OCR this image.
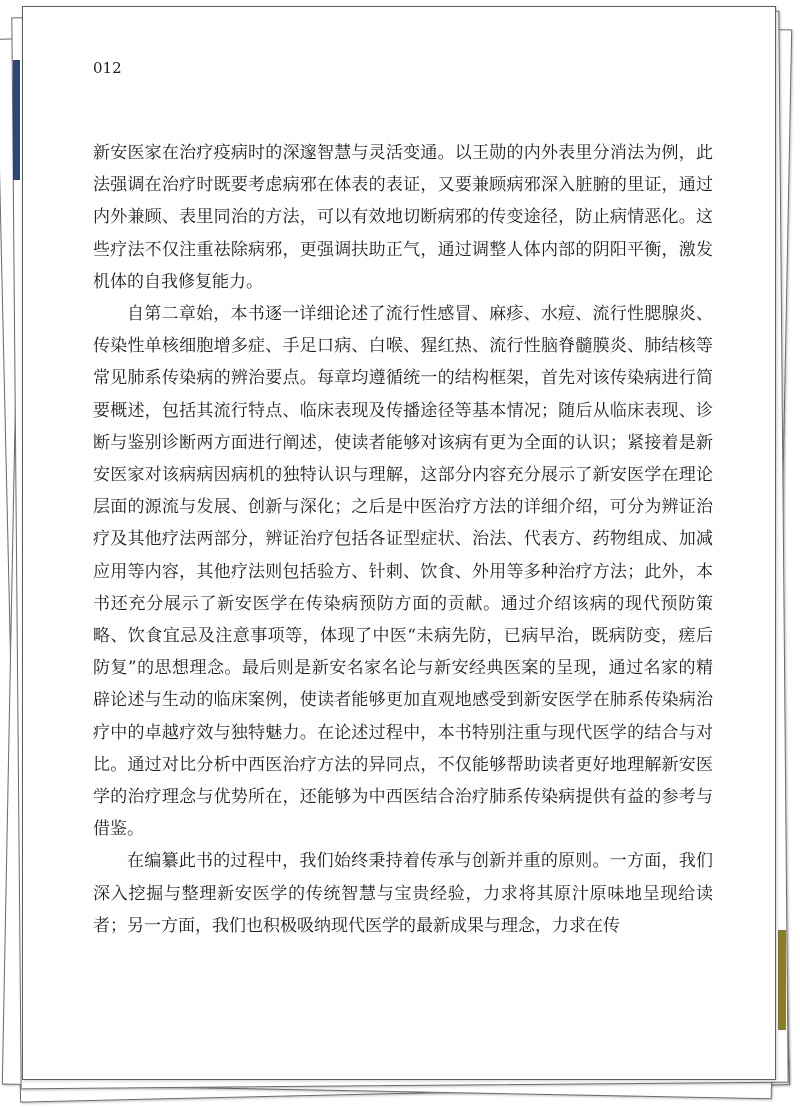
012

新安医家在治疗疫病时的深邃智慧与灵活变通。以王勋的内外表里分消法为例，此法强调在治疗时既要考虑病邪在体表的表证，又要兼顾病邪深入脏腑的里证，通过内外兼顾、表里同治的方法，可以有效地切断病邪的传变途径，防止病情恶化。这些疗法不仅注重祛除病邪，更强调扶助正气，通过调整人体内部的阴阳平衡，激发机体的自我修复能力。

自第二章始，本书逐一详细论述了流行性感冒、麻疹、水痘、流行性腮腺炎、传染性单核细胞增多症、手足口病、白喉、猩红热、流行性脑脊髓膜炎、肺结核等常见肺系传染病的辨治要点。每章均遵循统一的结构框架，首先对该传染病进行简要概述，包括其流行特点、临床表现及传播途径等基本情况；随后从临床表现、诊断与鉴别诊断两方面进行阐述，使读者能够对该病有更为全面的认识；紧接着是新安医家对该病病因病机的独特认识与理解，这部分内容充分展示了新安医学在理论层面的源流与发展、创新与深化；之后是中医治疗方法的详细介绍，可分为辨证治疗及其他疗法两部分，辨证治疗包括各证型症状、治法、代表方、药物组成、加减应用等内容，其他疗法则包括验方、针刺、饮食、外用等多种治疗方法；此外，本书还充分展示了新安医学在传染病预防方面的贡献。通过介绍该病的现代预防策略、饮食宜忌及注意事项等，体现了中医“未病先防，已病早治，既病防变，瘥后防复”的思想理念。最后则是新安名家名论与新安经典医案的呈现，通过名家的精辟论述与生动的临床案例，使读者能够更加直观地感受到新安医学在肺系传染病治疗中的卓越疗效与独特魅力。在论述过程中，本书特别注重与现代医学的结合与对比。通过对比分析中西医治疗方法的异同点，不仅能够帮助读者更好地理解新安医学的治疗理念与优势所在，还能够为中西医结合治疗肺系传染病提供有益的参考与借鉴。

在编纂此书的过程中，我们始终秉持着传承与创新并重的原则。一方面，我们深入挖掘与整理新安医学的传统智慧与宝贵经验，力求将其原汁原味地呈现给读者；另一方面，我们也积极吸纳现代医学的最新成果与理念，力求在传
